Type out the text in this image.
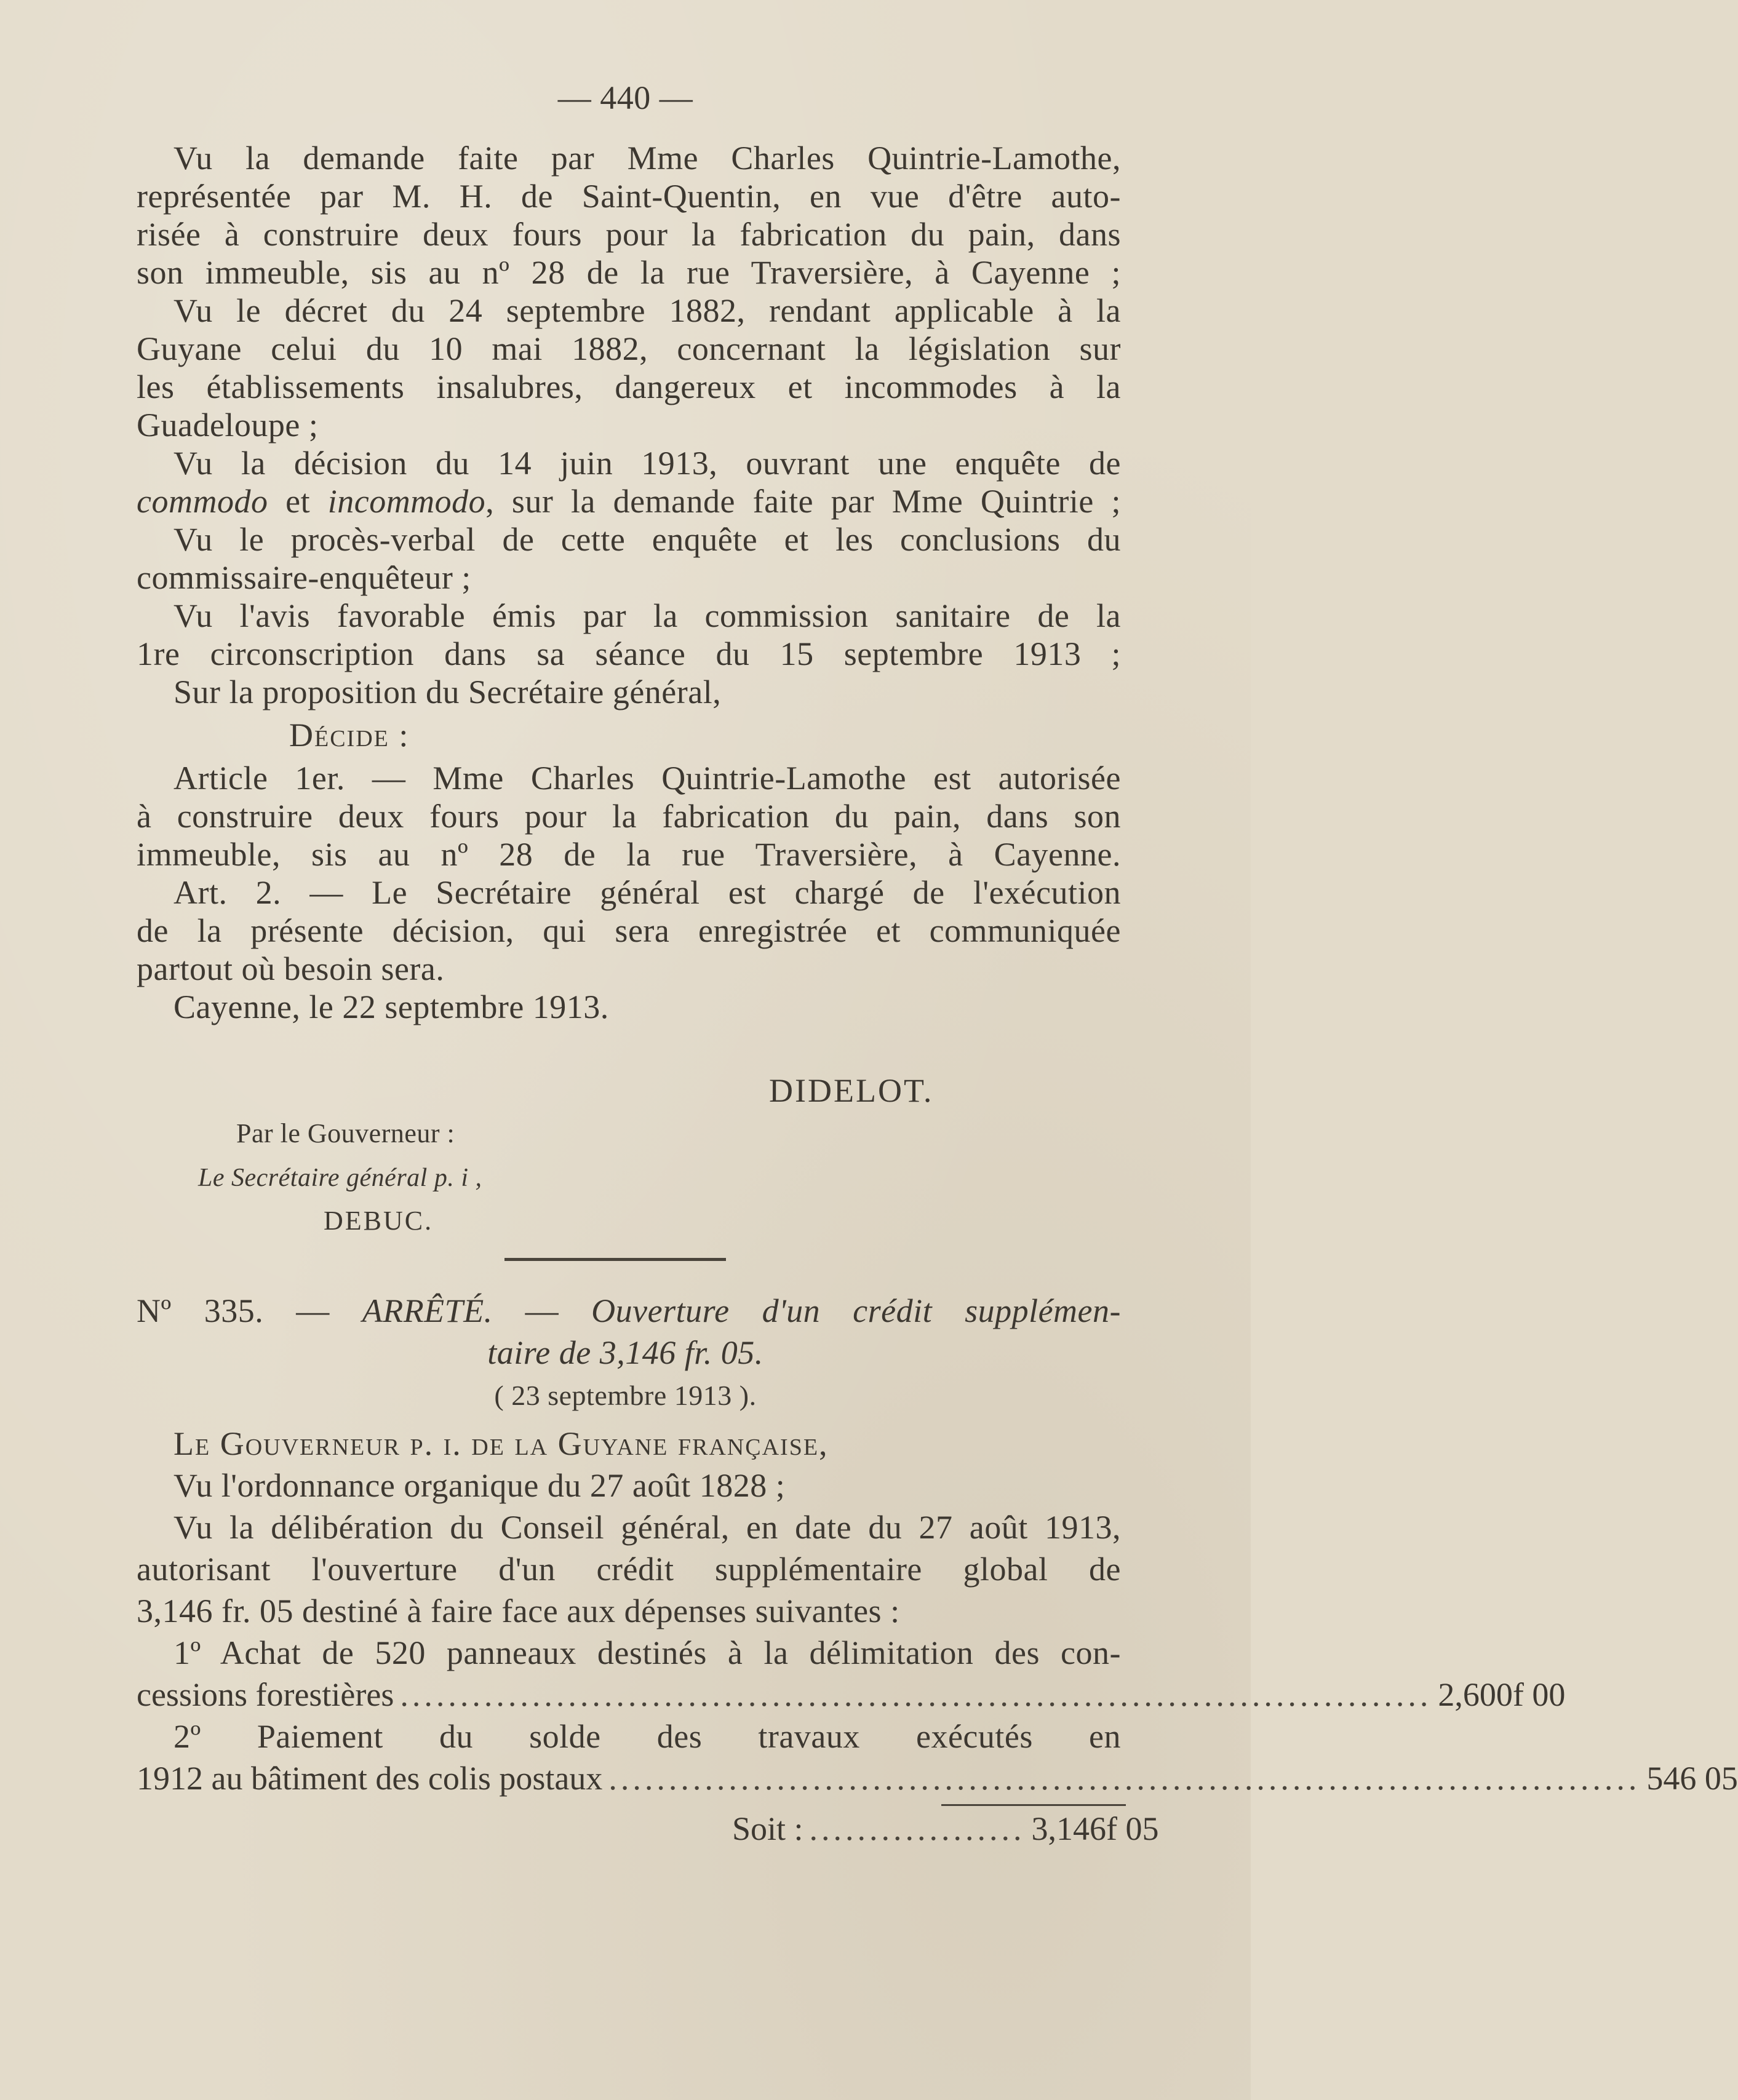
— 440 —
Vu la demande faite par Mme Charles Quintrie-Lamothe,
représentée par M. H. de Saint-Quentin, en vue d'être auto-
risée à construire deux fours pour la fabrication du pain, dans
son immeuble, sis au nº 28 de la rue Traversière, à Cayenne ;
Vu le décret du 24 septembre 1882, rendant applicable à la
Guyane celui du 10 mai 1882, concernant la législation sur
les établissements insalubres, dangereux et incommodes à la
Guadeloupe ;
Vu la décision du 14 juin 1913, ouvrant une enquête de
commodo et incommodo, sur la demande faite par Mme Quintrie ;
Vu le procès-verbal de cette enquête et les conclusions du
commissaire-enquêteur ;
Vu l'avis favorable émis par la commission sanitaire de la
1re circonscription dans sa séance du 15 septembre 1913 ;
Sur la proposition du Secrétaire général,
Décide :
Article 1er. — Mme Charles Quintrie-Lamothe est autorisée
à construire deux fours pour la fabrication du pain, dans son
immeuble, sis au nº 28 de la rue Traversière, à Cayenne.
Art. 2. — Le Secrétaire général est chargé de l'exécution
de la présente décision, qui sera enregistrée et communiquée
partout où besoin sera.
Cayenne, le 22 septembre 1913.
DIDELOT.
Par le Gouverneur :
Le Secrétaire général p. i ,
DEBUC.
Nº 335. — ARRÊTÉ. — Ouverture d'un crédit supplémen-
taire de 3,146 fr. 05.
( 23 septembre 1913 ).
Le Gouverneur p. i. de la Guyane française,
Vu l'ordonnance organique du 27 août 1828 ;
Vu la délibération du Conseil général, en date du 27 août 1913,
autorisant l'ouverture d'un crédit supplémentaire global de
3,146 fr. 05 destiné à faire face aux dépenses suivantes :
1º Achat de 520 panneaux destinés à la délimitation des con-
cessions forestières ...................................................................................... 2,600f 00
2º Paiement du solde des travaux exécutés en
1912 au bâtiment des colis postaux ...................................................................................... 546 05
Soit : .................. 3,146f 05
